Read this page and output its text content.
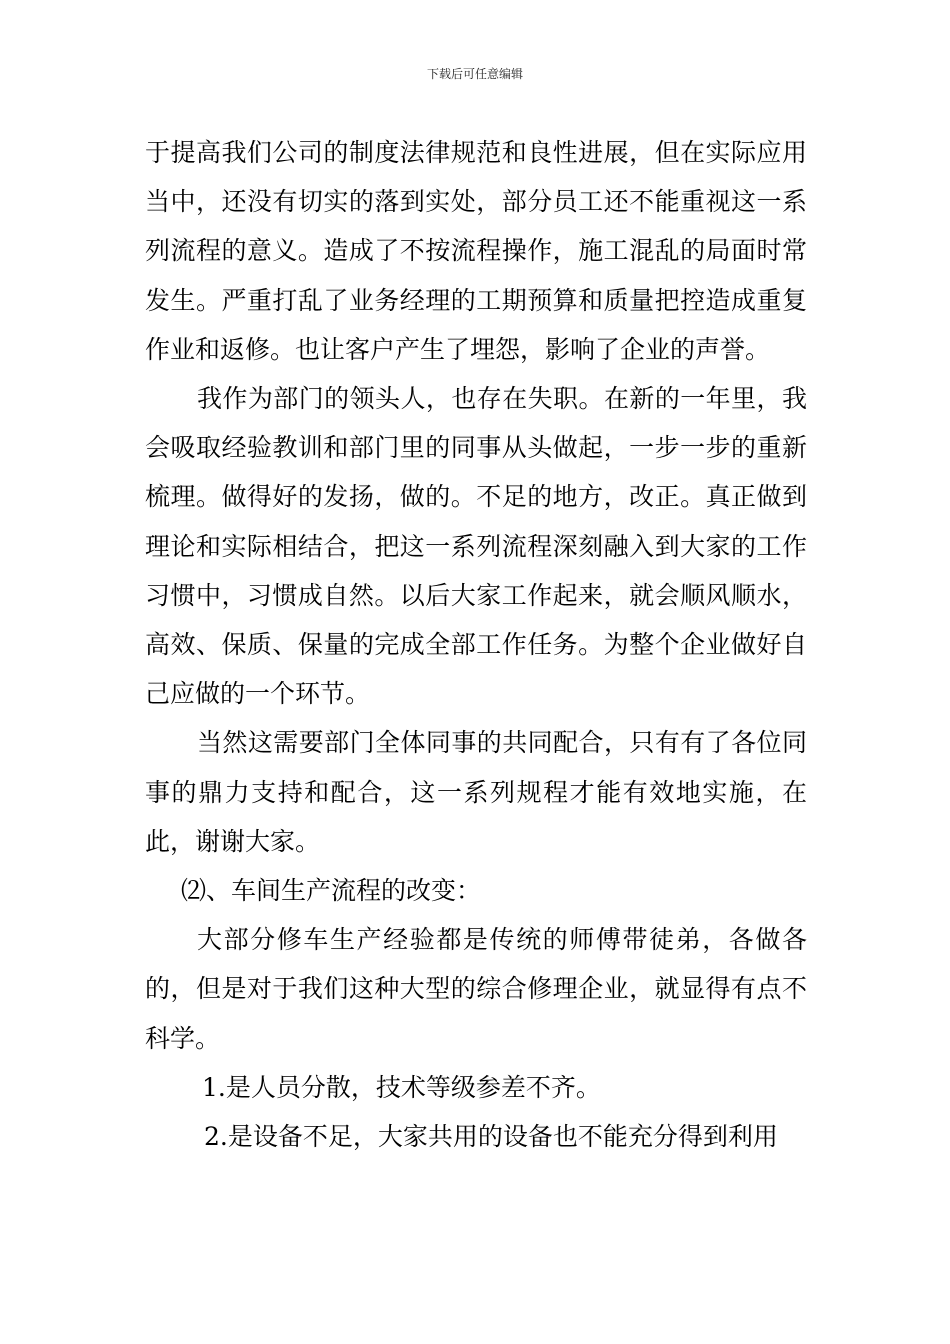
下载后可任意编辑

于提高我们公司的制度法律规范和良性进展，但在实际应用当中，还没有切实的落到实处，部分员工还不能重视这一系列流程的意义。造成了不按流程操作，施工混乱的局面时常发生。严重打乱了业务经理的工期预算和质量把控造成重复作业和返修。也让客户产生了埋怨，影响了企业的声誉。

我作为部门的领头人，也存在失职。在新的一年里，我会吸取经验教训和部门里的同事从头做起，一步一步的重新梳理。做得好的发扬，做的。不足的地方，改正。真正做到理论和实际相结合，把这一系列流程深刻融入到大家的工作习惯中，习惯成自然。以后大家工作起来，就会顺风顺水，高效、保质、保量的完成全部工作任务。为整个企业做好自己应做的一个环节。

当然这需要部门全体同事的共同配合，只有有了各位同事的鼎力支持和配合，这一系列规程才能有效地实施，在此，谢谢大家。

⑵、车间生产流程的改变：

大部分修车生产经验都是传统的师傅带徒弟，各做各的，但是对于我们这种大型的综合修理企业，就显得有点不科学。

1.是人员分散，技术等级参差不齐。

2.是设备不足，大家共用的设备也不能充分得到利用
